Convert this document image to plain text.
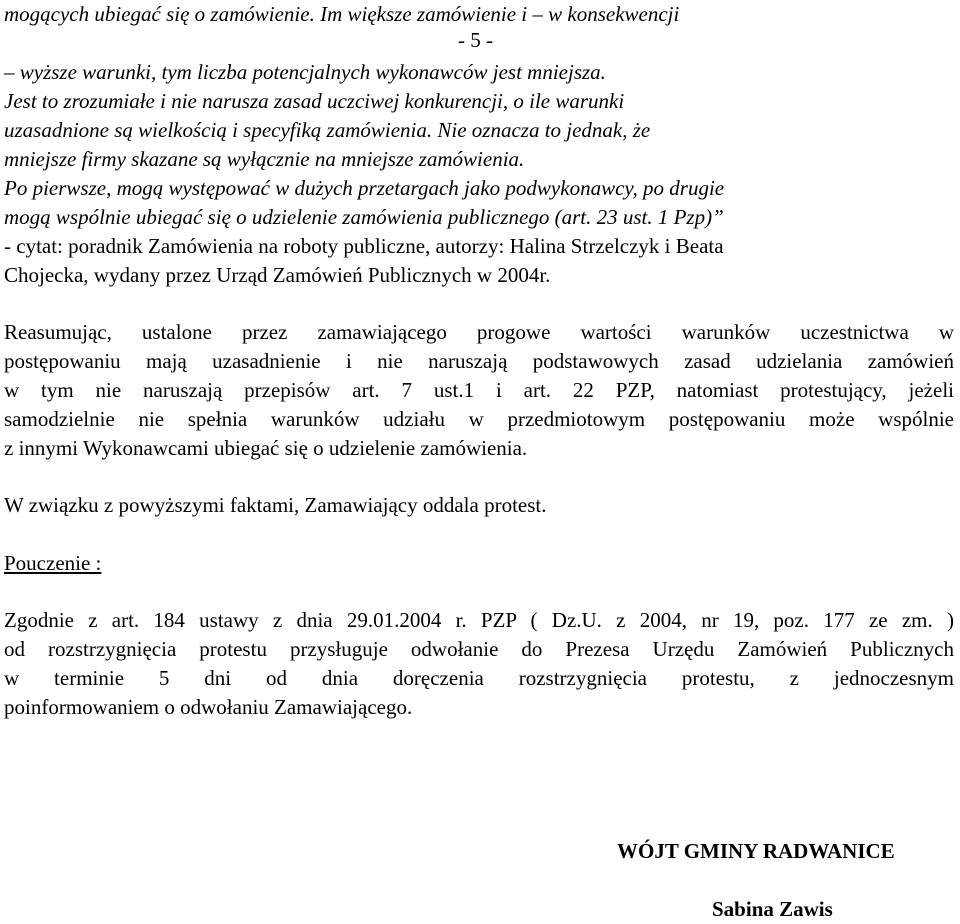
mogących ubiegać się o zamówienie. Im większe zamówienie i – w konsekwencji
- 5 -
– wyższe warunki, tym liczba potencjalnych wykonawców jest mniejsza.
Jest to zrozumiałe i nie narusza zasad uczciwej konkurencji, o ile warunki
uzasadnione są wielkością i specyfiką zamówienia. Nie oznacza to jednak, że
mniejsze firmy skazane są wyłącznie na mniejsze zamówienia.
Po pierwsze, mogą występować w dużych przetargach jako podwykonawcy, po drugie
mogą wspólnie ubiegać się o udzielenie zamówienia publicznego (art. 23 ust. 1 Pzp)”
- cytat: poradnik Zamówienia na roboty publiczne, autorzy: Halina Strzelczyk i Beata
Chojecka, wydany przez Urząd Zamówień Publicznych w 2004r.
Reasumując, ustalone przez zamawiającego progowe wartości warunków uczestnictwa w
postępowaniu mają uzasadnienie i nie naruszają podstawowych zasad udzielania zamówień
w tym nie naruszają przepisów art. 7 ust.1 i art. 22 PZP, natomiast protestujący, jeżeli
samodzielnie nie spełnia warunków udziału w przedmiotowym postępowaniu może wspólnie
z innymi Wykonawcami ubiegać się o udzielenie zamówienia.
W związku z powyższymi faktami, Zamawiający oddala protest.
Pouczenie :
Zgodnie z art. 184 ustawy z dnia 29.01.2004 r. PZP ( Dz.U. z 2004, nr 19, poz. 177 ze zm. )
od rozstrzygnięcia protestu przysługuje odwołanie do Prezesa Urzędu Zamówień Publicznych
w terminie 5 dni od dnia doręczenia rozstrzygnięcia protestu, z jednoczesnym
poinformowaniem o odwołaniu Zamawiającego.
WÓJT GMINY RADWANICE
Sabina Zawis
